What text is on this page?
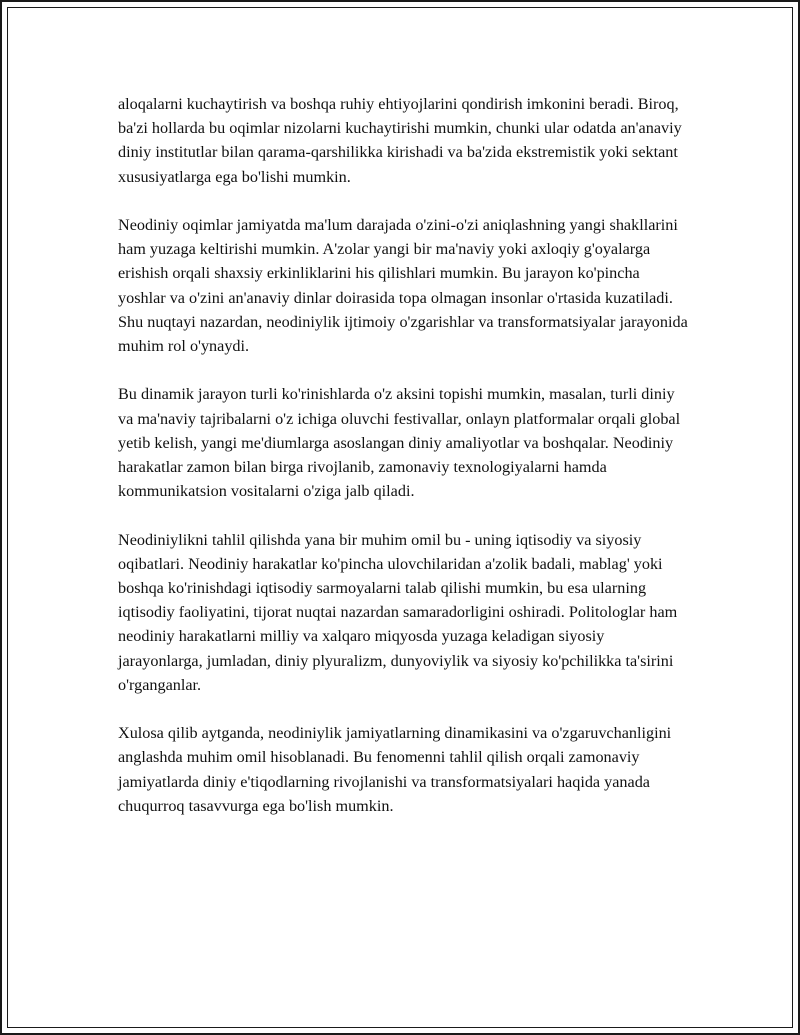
aloqalarni kuchaytirish va boshqa ruhiy ehtiyojlarini qondirish imkonini beradi. Biroq, ba'zi hollarda bu oqimlar nizolarni kuchaytirishi mumkin, chunki ular odatda an'anaviy diniy institutlar bilan qarama-qarshilikka kirishadi va ba'zida ekstremistik yoki sektant xususiyatlarga ega bo'lishi mumkin.

Neodiniy oqimlar jamiyatda ma'lum darajada o'zini-o'zi aniqlashning yangi shakllarini ham yuzaga keltirishi mumkin. A'zolar yangi bir ma'naviy yoki axloqiy g'oyalarga erishish orqali shaxsiy erkinliklarini his qilishlari mumkin. Bu jarayon ko'pincha yoshlar va o'zini an'anaviy dinlar doirasida topa olmagan insonlar o'rtasida kuzatiladi. Shu nuqtayi nazardan, neodiniylik ijtimoiy o'zgarishlar va transformatsiyalar jarayonida muhim rol o'ynaydi.

Bu dinamik jarayon turli ko'rinishlarda o'z aksini topishi mumkin, masalan, turli diniy va ma'naviy tajribalarni o'z ichiga oluvchi festivallar, onlayn platformalar orqali global yetib kelish, yangi me'diumlarga asoslangan diniy amaliyotlar va boshqalar. Neodiniy harakatlar zamon bilan birga rivojlanib, zamonaviy texnologiyalarni hamda kommunikatsion vositalarni o'ziga jalb qiladi.

Neodiniylikni tahlil qilishda yana bir muhim omil bu - uning iqtisodiy va siyosiy oqibatlari. Neodiniy harakatlar ko'pincha ulovchilaridan a'zolik badali, mablag' yoki boshqa ko'rinishdagi iqtisodiy sarmoyalarni talab qilishi mumkin, bu esa ularning iqtisodiy faoliyatini, tijorat nuqtai nazardan samaradorligini oshiradi. Politologlar ham neodiniy harakatlarni milliy va xalqaro miqyosda yuzaga keladigan siyosiy jarayonlarga, jumladan, diniy plyuralizm, dunyoviylik va siyosiy ko'pchilikka ta'sirini o'rganganlar.

Xulosa qilib aytganda, neodiniylik jamiyatlarning dinamikasini va o'zgaruvchanligini anglashda muhim omil hisoblanadi. Bu fenomenni tahlil qilish orqali zamonaviy jamiyatlarda diniy e'tiqodlarning rivojlanishi va transformatsiyalari haqida yanada chuqurroq tasavvurga ega bo'lish mumkin.
